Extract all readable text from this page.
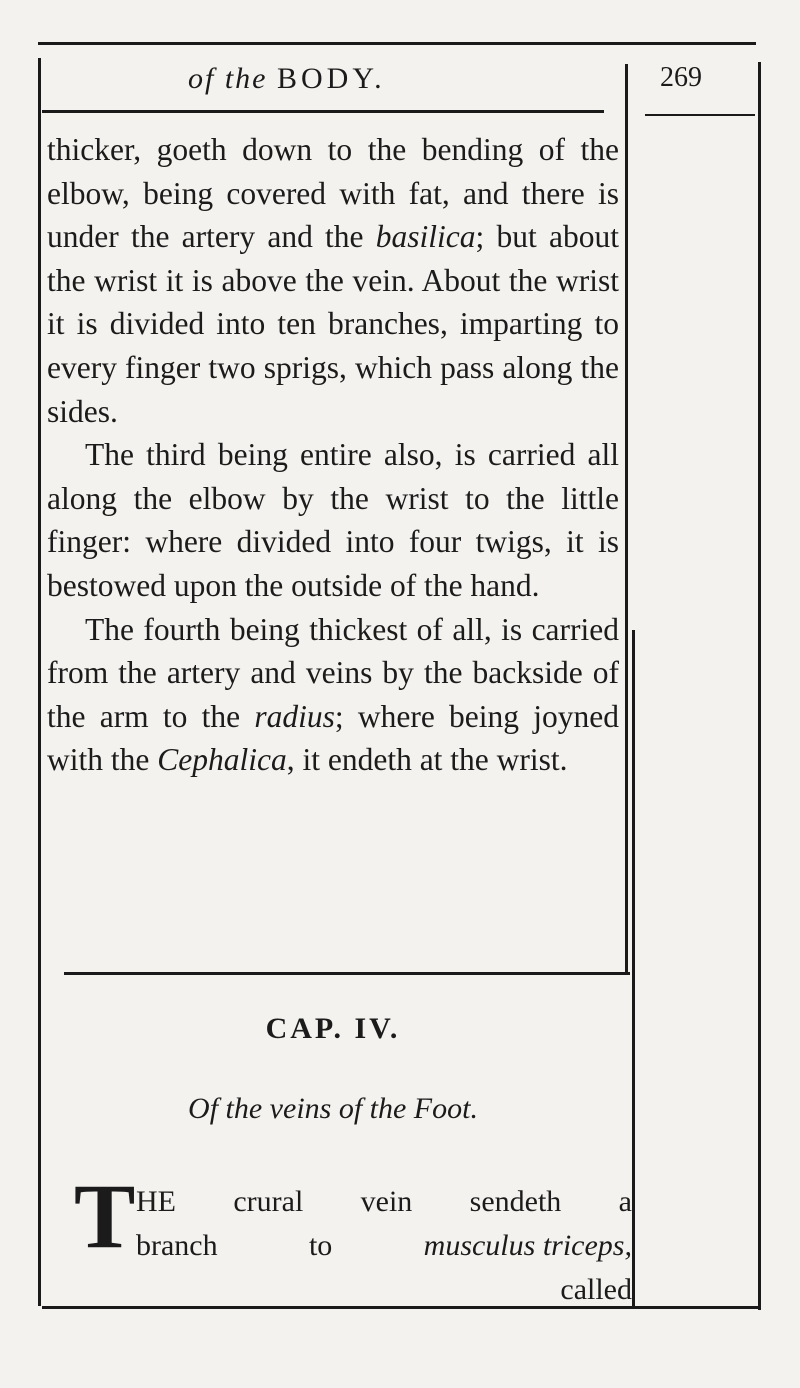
of the BODY.	269

thicker, goeth down to the bending of the elbow, being covered with fat, and there is under the artery and the basilica; but about the wrist it is above the vein. About the wrist it is divided into ten branches, imparting to every finger two sprigs, which pass along the sides.

The third being entire also, is carried all along the elbow by the wrist to the little finger: where divided into four twigs, it is bestowed upon the outside of the hand.

The fourth being thickest of all, is carried from the artery and veins by the backside of the arm to the radius; where being joyned with the Cephalica, it endeth at the wrist.

CAP. IV.
Of the veins of the Foot.
T HE crural vein sendeth a
branch	to	musculus triceps,
called
